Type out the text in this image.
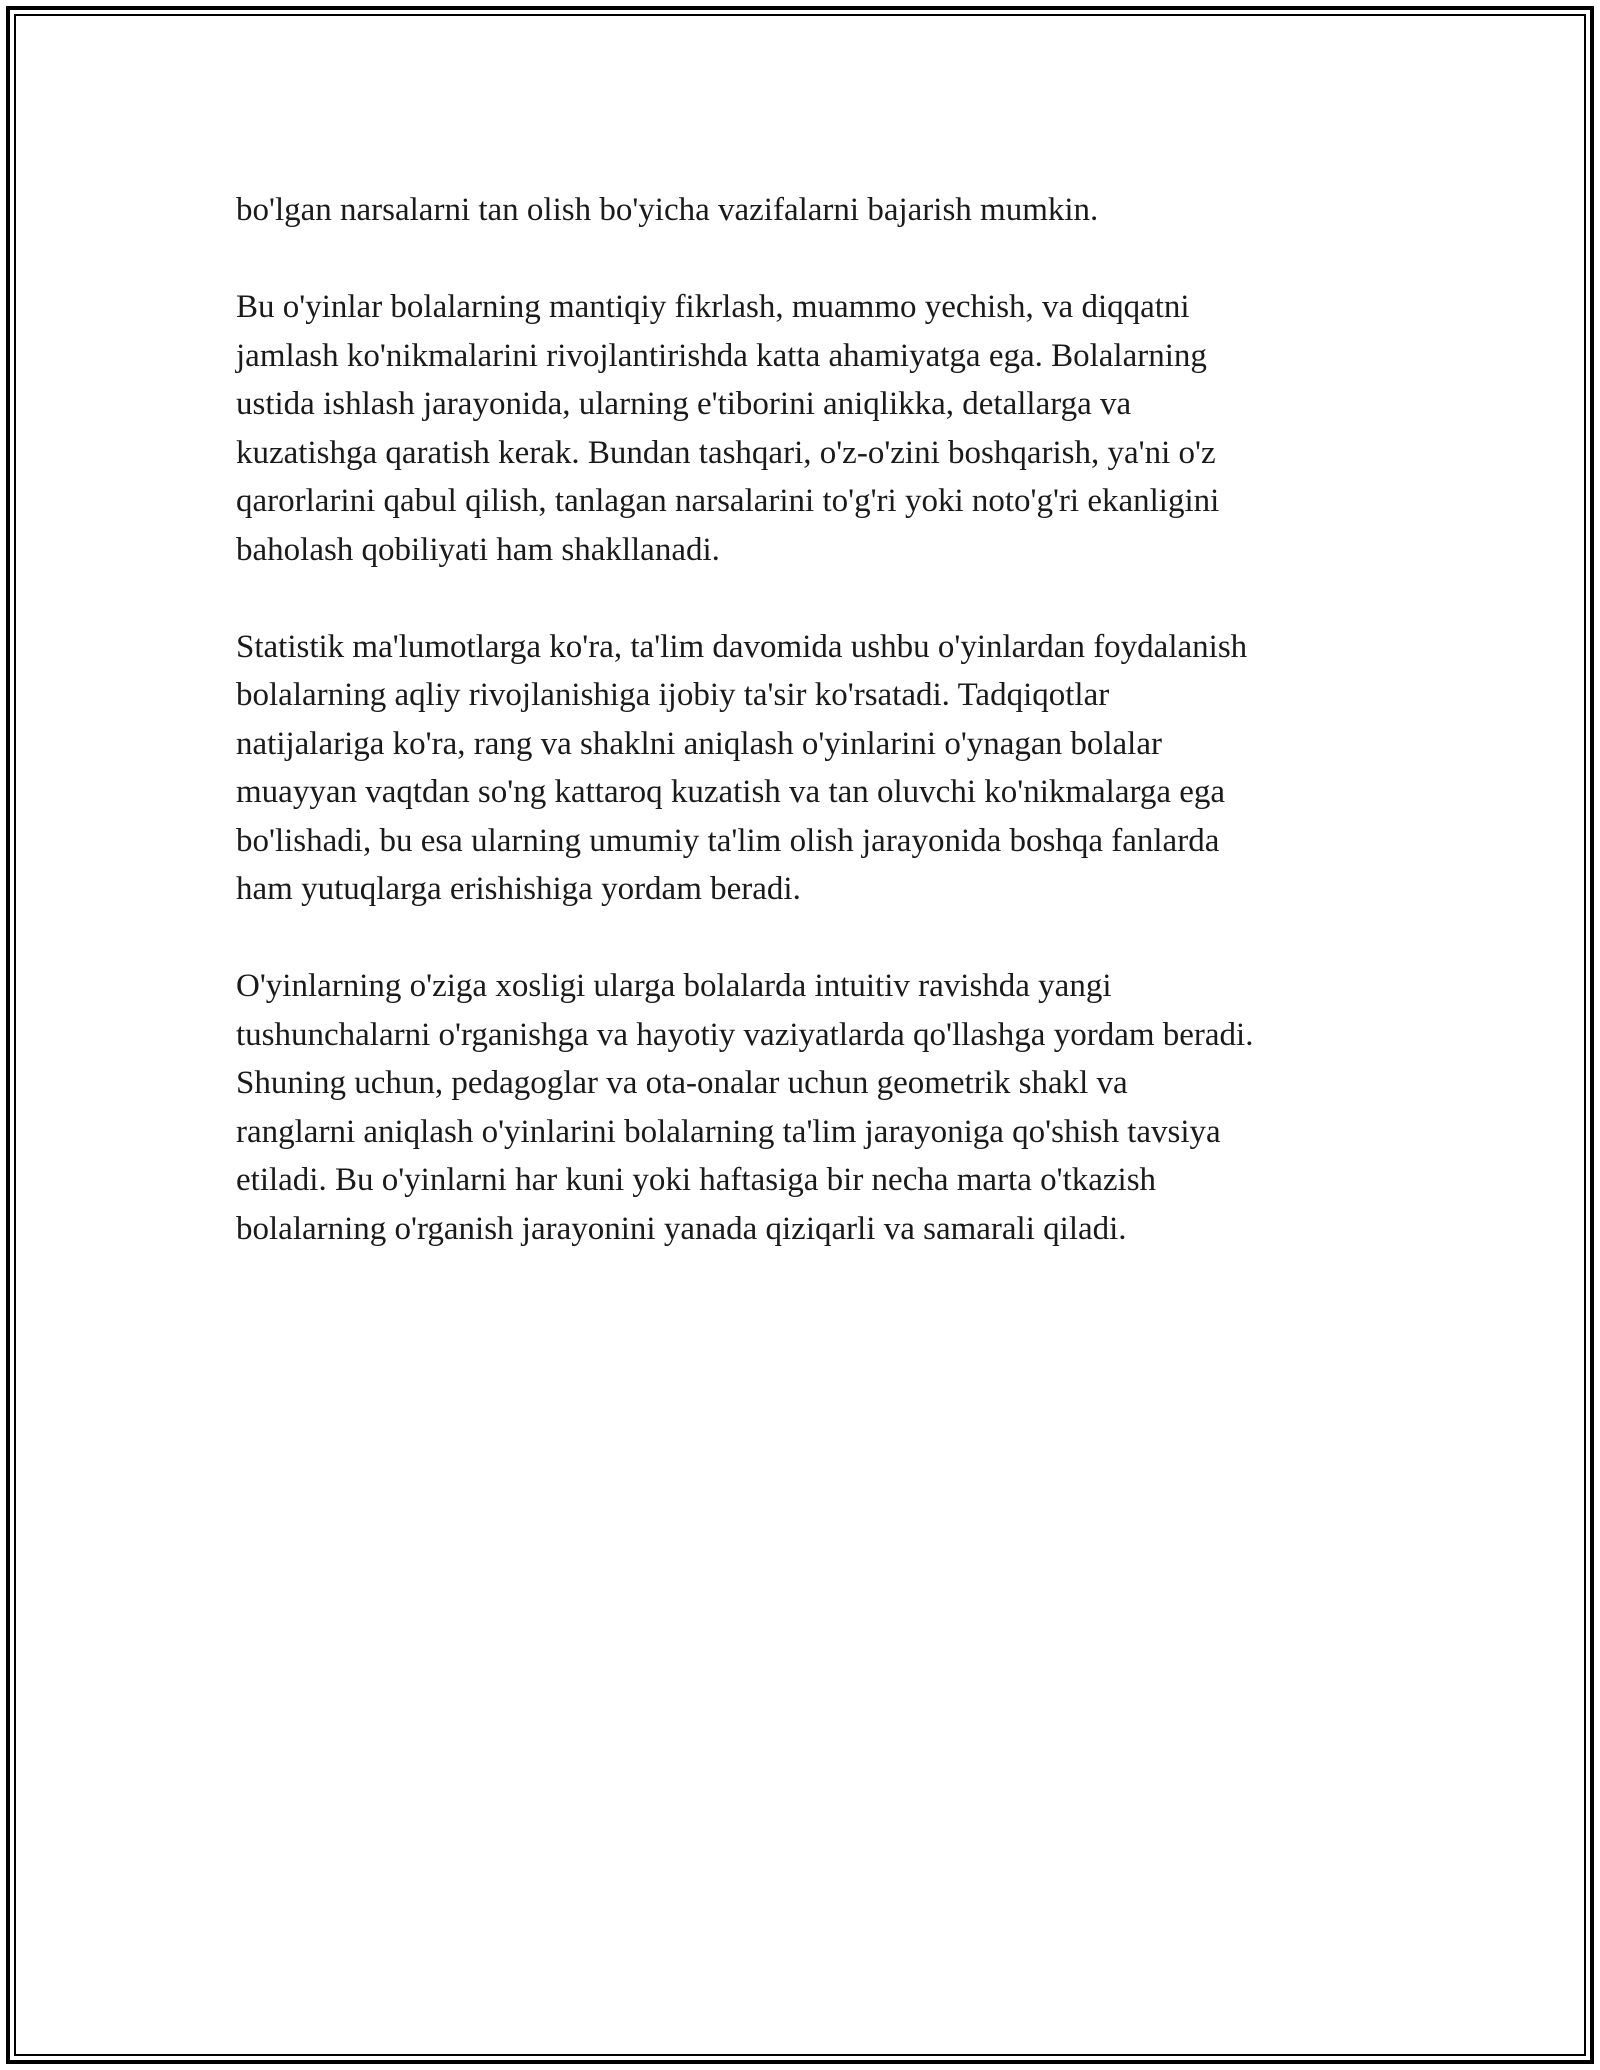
bo'lgan narsalarni tan olish bo'yicha vazifalarni bajarish mumkin.

Bu o'yinlar bolalarning mantiqiy fikrlash, muammo yechish, va diqqatni
jamlash ko'nikmalarini rivojlantirishda katta ahamiyatga ega. Bolalarning
ustida ishlash jarayonida, ularning e'tiborini aniqlikka, detallarga va
kuzatishga qaratish kerak. Bundan tashqari, o'z-o'zini boshqarish, ya'ni o'z
qarorlarini qabul qilish, tanlagan narsalarini to'g'ri yoki noto'g'ri ekanligini
baholash qobiliyati ham shakllanadi.

Statistik ma'lumotlarga ko'ra, ta'lim davomida ushbu o'yinlardan foydalanish
bolalarning aqliy rivojlanishiga ijobiy ta'sir ko'rsatadi. Tadqiqotlar
natijalariga ko'ra, rang va shaklni aniqlash o'yinlarini o'ynagan bolalar
muayyan vaqtdan so'ng kattaroq kuzatish va tan oluvchi ko'nikmalarga ega
bo'lishadi, bu esa ularning umumiy ta'lim olish jarayonida boshqa fanlarda
ham yutuqlarga erishishiga yordam beradi.

O'yinlarning o'ziga xosligi ularga bolalarda intuitiv ravishda yangi
tushunchalarni o'rganishga va hayotiy vaziyatlarda qo'llashga yordam beradi.
Shuning uchun, pedagoglar va ota-onalar uchun geometrik shakl va
ranglarni aniqlash o'yinlarini bolalarning ta'lim jarayoniga qo'shish tavsiya
etiladi. Bu o'yinlarni har kuni yoki haftasiga bir necha marta o'tkazish
bolalarning o'rganish jarayonini yanada qiziqarli va samarali qiladi.
